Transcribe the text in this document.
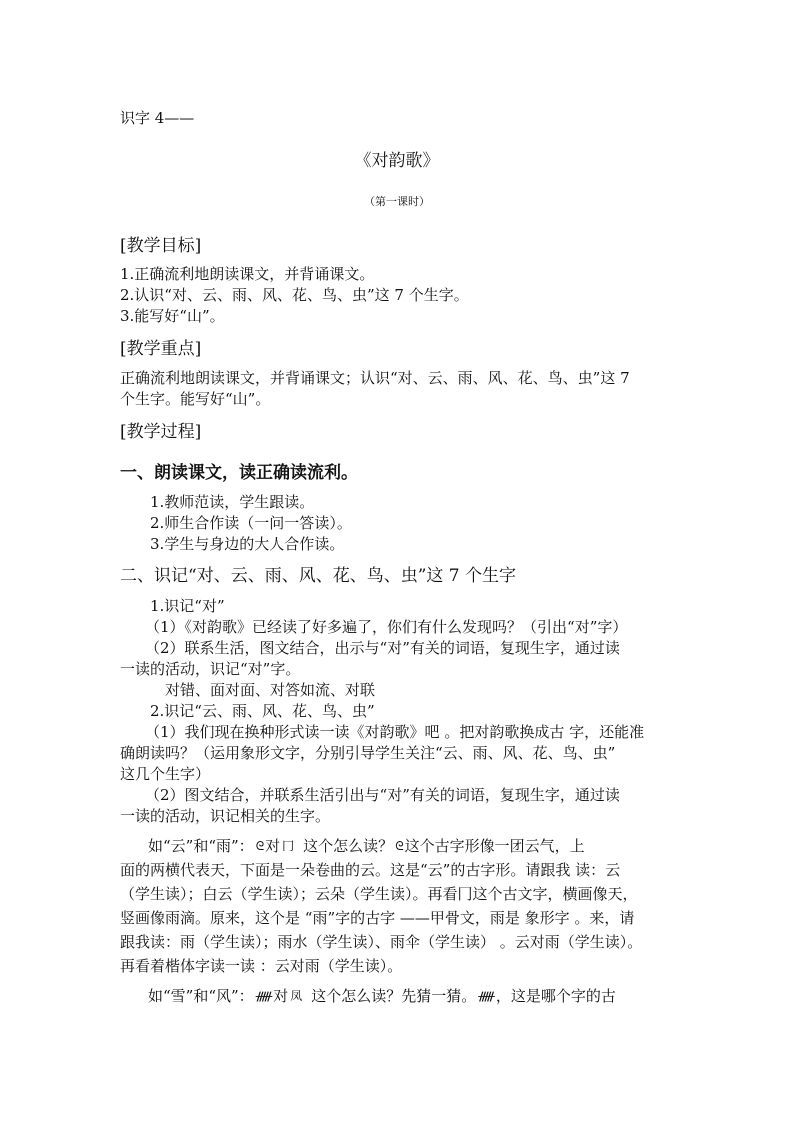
识字 4——
《对韵歌》
（第一课时）
[教学目标]
1.正确流利地朗读课文，并背诵课文。
2.认识“对、云、雨、风、花、鸟、虫”这 7 个生字。
3.能写好“山”。
[教学重点]
正确流利地朗读课文，并背诵课文；认识“对、云、雨、风、花、鸟、虫”这 7
个生字。能写好“山”。
[教学过程]
一、朗读课文，读正确读流利。
1.教师范读，学生跟读。
2.师生合作读（一问一答读）。
3.学生与身边的大人合作读。
二、识记“对、云、雨、风、花、鸟、虫”这 7 个生字
1.识记“对”
（1）《对韵歌》已经读了好多遍了，你们有什么发现吗？（引出“对”字）
（2）联系生活，图文结合，出示与“对”有关的词语，复现生字，通过读
一读的活动，识记“对”字。
对错、面对面、对答如流、对联
2.识记“云、雨、风、花、鸟、虫”
（1）我们现在换种形式读一读《对韵歌》吧 。把对韵歌换成古 字，还能准
确朗读吗？（运用象形文字，分别引导学生关注“云、雨、风、花、鸟、虫”
这几个生字）
（2）图文结合，并联系生活引出与“对”有关的词语，复现生字，通过读
一读的活动，识记相关的生字。
如“云”和“雨”： ᘓ 对 冂 这个怎么读？ ᘓ 这个古字形像一团云气，上
面的两横代表天，下面是一朵卷曲的云。这是“云”的古字形。请跟我 读：云
（学生读）；白云（学生读）；云朵（学生读）。再看冂这个古文字，横画像天，
竖画像雨滴。原来，这个是 “雨”字的古字 ——甲骨文，雨是 象形字 。来，请
跟我读：雨（学生读）；雨水（学生读）、雨伞（学生读） 。云对雨（学生读）。
再看着楷体字读一读 ：云对雨（学生读）。
如“雪”和“风”： ᚏ 对 凤 这个怎么读？先猜一猜。 ᚏ ，这是哪个字的古
